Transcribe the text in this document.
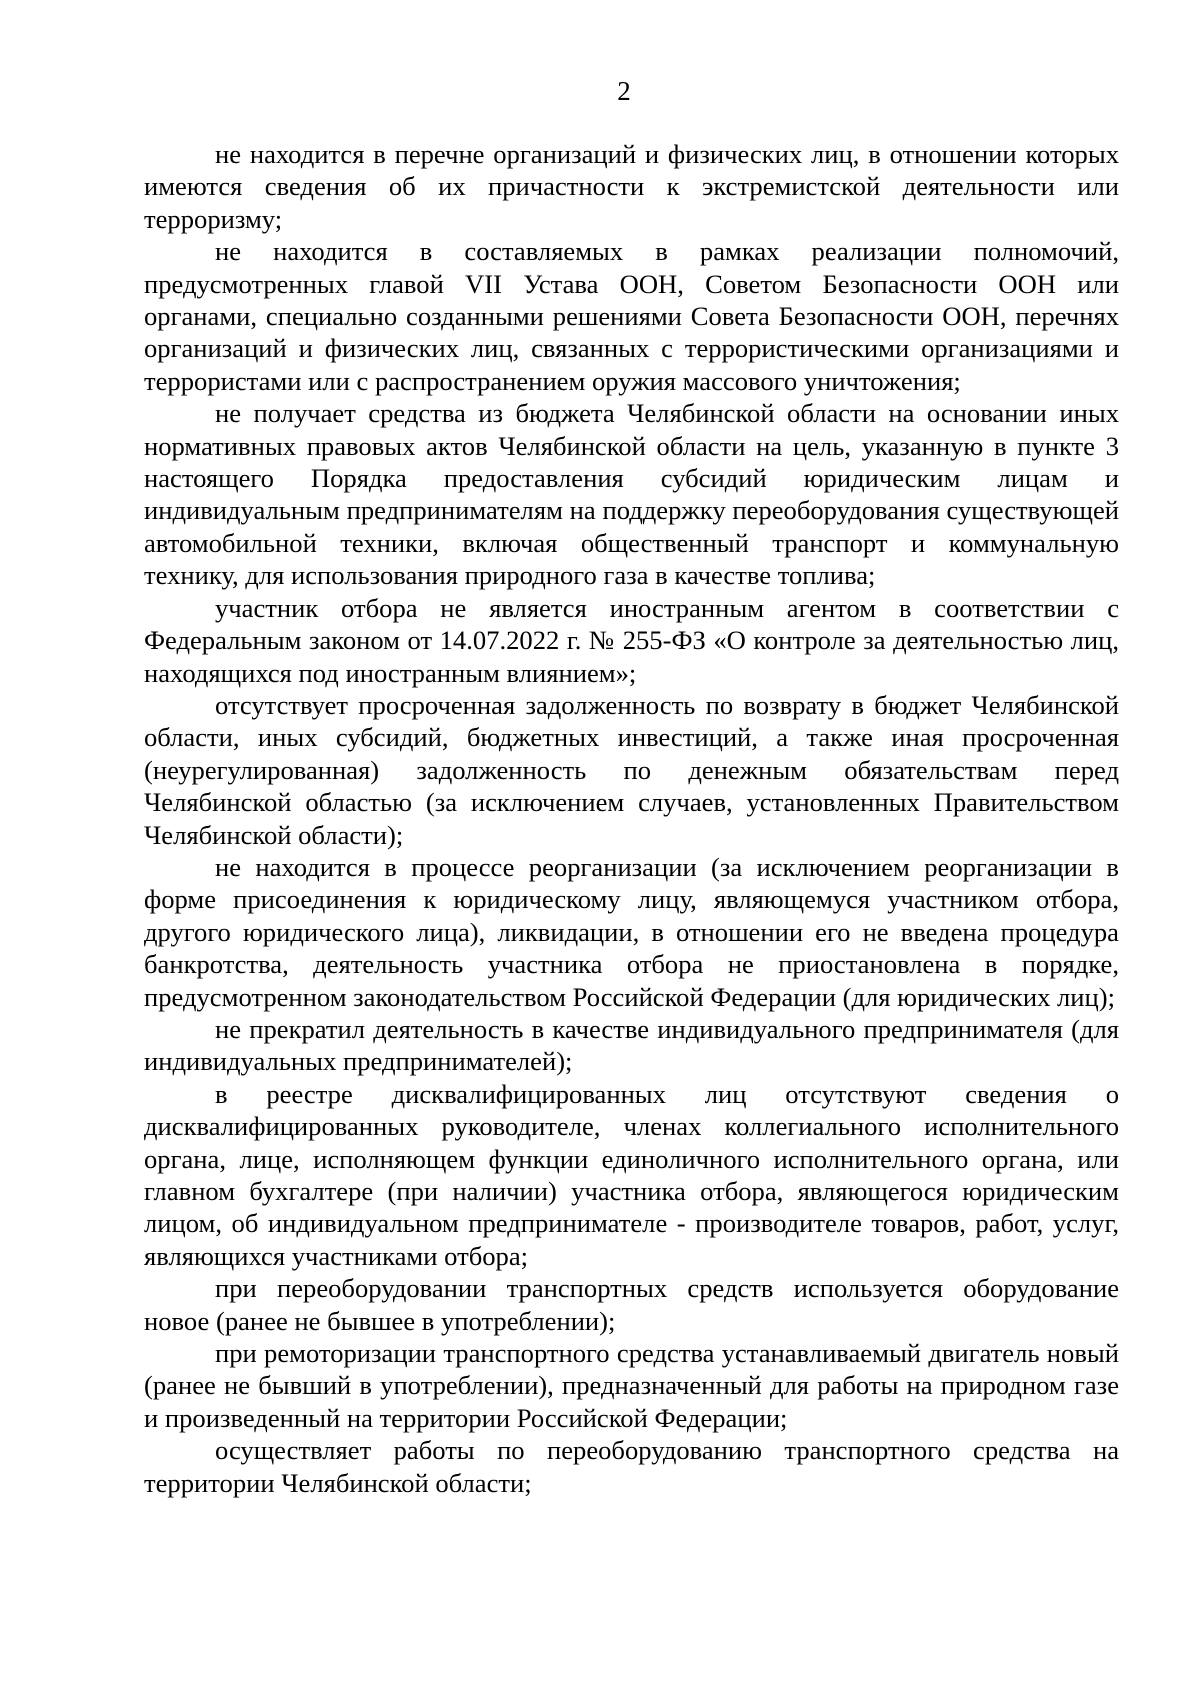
2

не находится в перечне организаций и физических лиц, в отношении которых имеются сведения об их причастности к экстремистской деятельности или терроризму;

не находится в составляемых в рамках реализации полномочий, предусмотренных главой VII Устава ООН, Советом Безопасности ООН или органами, специально созданными решениями Совета Безопасности ООН, перечнях организаций и физических лиц, связанных с террористическими организациями и террористами или с распространением оружия массового уничтожения;

не получает средства из бюджета Челябинской области на основании иных нормативных правовых актов Челябинской области на цель, указанную в пункте 3 настоящего Порядка предоставления субсидий юридическим лицам и индивидуальным предпринимателям на поддержку переоборудования существующей автомобильной техники, включая общественный транспорт и коммунальную технику, для использования природного газа в качестве топлива;

участник отбора не является иностранным агентом в соответствии с Федеральным законом от 14.07.2022 г. № 255-ФЗ «О контроле за деятельностью лиц, находящихся под иностранным влиянием»;

отсутствует просроченная задолженность по возврату в бюджет Челябинской области, иных субсидий, бюджетных инвестиций, а также иная просроченная (неурегулированная) задолженность по денежным обязательствам перед Челябинской областью (за исключением случаев, установленных Правительством Челябинской области);

не находится в процессе реорганизации (за исключением реорганизации в форме присоединения к юридическому лицу, являющемуся участником отбора, другого юридического лица), ликвидации, в отношении его не введена процедура банкротства, деятельность участника отбора не приостановлена в порядке, предусмотренном законодательством Российской Федерации (для юридических лиц);

не прекратил деятельность в качестве индивидуального предпринимателя (для индивидуальных предпринимателей);

в реестре дисквалифицированных лиц отсутствуют сведения о дисквалифицированных руководителе, членах коллегиального исполнительного органа, лице, исполняющем функции единоличного исполнительного органа, или главном бухгалтере (при наличии) участника отбора, являющегося юридическим лицом, об индивидуальном предпринимателе - производителе товаров, работ, услуг, являющихся участниками отбора;

при переоборудовании транспортных средств используется оборудование новое (ранее не бывшее в употреблении);

при ремоторизации транспортного средства устанавливаемый двигатель новый (ранее не бывший в употреблении), предназначенный для работы на природном газе и произведенный на территории Российской Федерации;

осуществляет работы по переоборудованию транспортного средства на территории Челябинской области;
